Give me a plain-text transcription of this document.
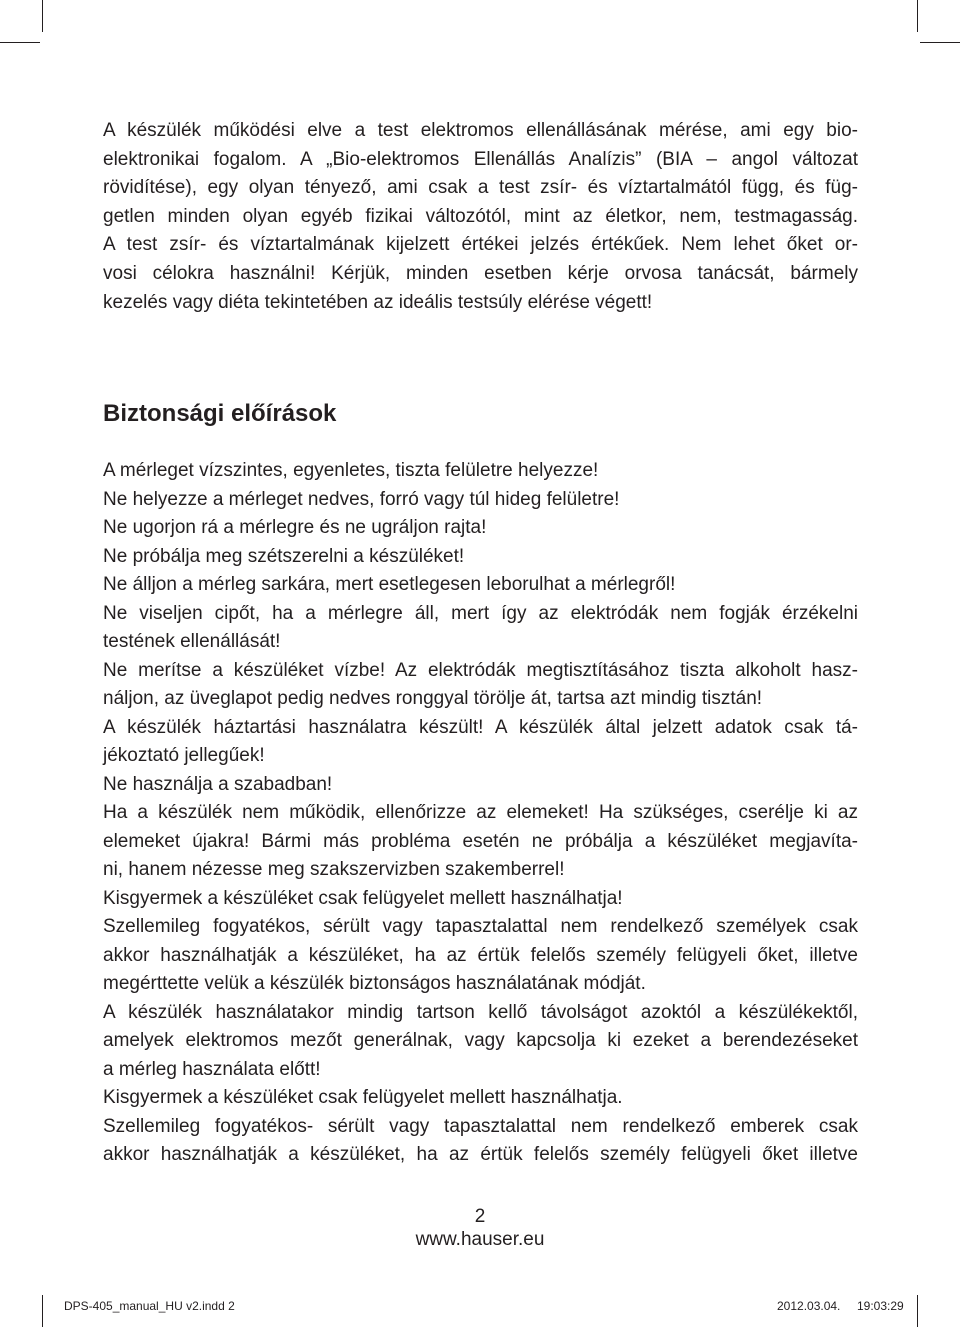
A készülék működési elve a test elektromos ellenállásának mérése, ami egy bio-
elektronikai fogalom. A „Bio-elektromos Ellenállás Analízis” (BIA – angol változat
rövidítése), egy olyan tényező, ami csak a test zsír- és víztartalmától függ, és füg-
getlen minden olyan egyéb fizikai változótól, mint az életkor, nem, testmagasság.
A test zsír- és víztartalmának kijelzett értékei jelzés értékűek. Nem lehet őket or-
vosi célokra használni! Kérjük, minden esetben kérje orvosa tanácsát, bármely
kezelés vagy diéta tekintetében az ideális testsúly elérése végett!

Biztonsági előírások
A mérleget vízszintes, egyenletes, tiszta felületre helyezze!
Ne helyezze a mérleget nedves, forró vagy túl hideg felületre!
Ne ugorjon rá a mérlegre és ne ugráljon rajta!
Ne próbálja meg szétszerelni a készüléket!
Ne álljon a mérleg sarkára, mert esetlegesen leborulhat a mérlegről!
Ne viseljen cipőt, ha a mérlegre áll, mert így az elektródák nem fogják érzékelni
testének ellenállását!
Ne merítse a készüléket vízbe! Az elektródák megtisztításához tiszta alkoholt hasz-
náljon, az üveglapot pedig nedves ronggyal törölje át, tartsa azt mindig tisztán!
A készülék háztartási használatra készült! A készülék által jelzett adatok csak tá-
jékoztató jellegűek!
Ne használja a szabadban!
Ha a készülék nem működik, ellenőrizze az elemeket! Ha szükséges, cserélje ki az
elemeket újakra! Bármi más probléma esetén ne próbálja a készüléket megjavíta-
ni, hanem nézesse meg szakszervizben szakemberrel!
Kisgyermek a készüléket csak felügyelet mellett használhatja!
Szellemileg fogyatékos, sérült vagy tapasztalattal nem rendelkező személyek csak
akkor használhatják a készüléket, ha az értük felelős személy felügyeli őket, illetve
megérttette velük a készülék biztonságos használatának módját.
A készülék használatakor mindig tartson kellő távolságot azoktól a készülékektől,
amelyek elektromos mezőt generálnak, vagy kapcsolja ki ezeket a berendezéseket
a mérleg használata előtt!
Kisgyermek a készüléket csak felügyelet mellett használhatja.
Szellemileg fogyatékos- sérült vagy tapasztalattal nem rendelkező emberek csak
akkor használhatják a készüléket, ha az értük felelős személy felügyeli őket illetve
2
www.hauser.eu
DPS-405_manual_HU v2.indd 2	2012.03.04. 19:03:29
